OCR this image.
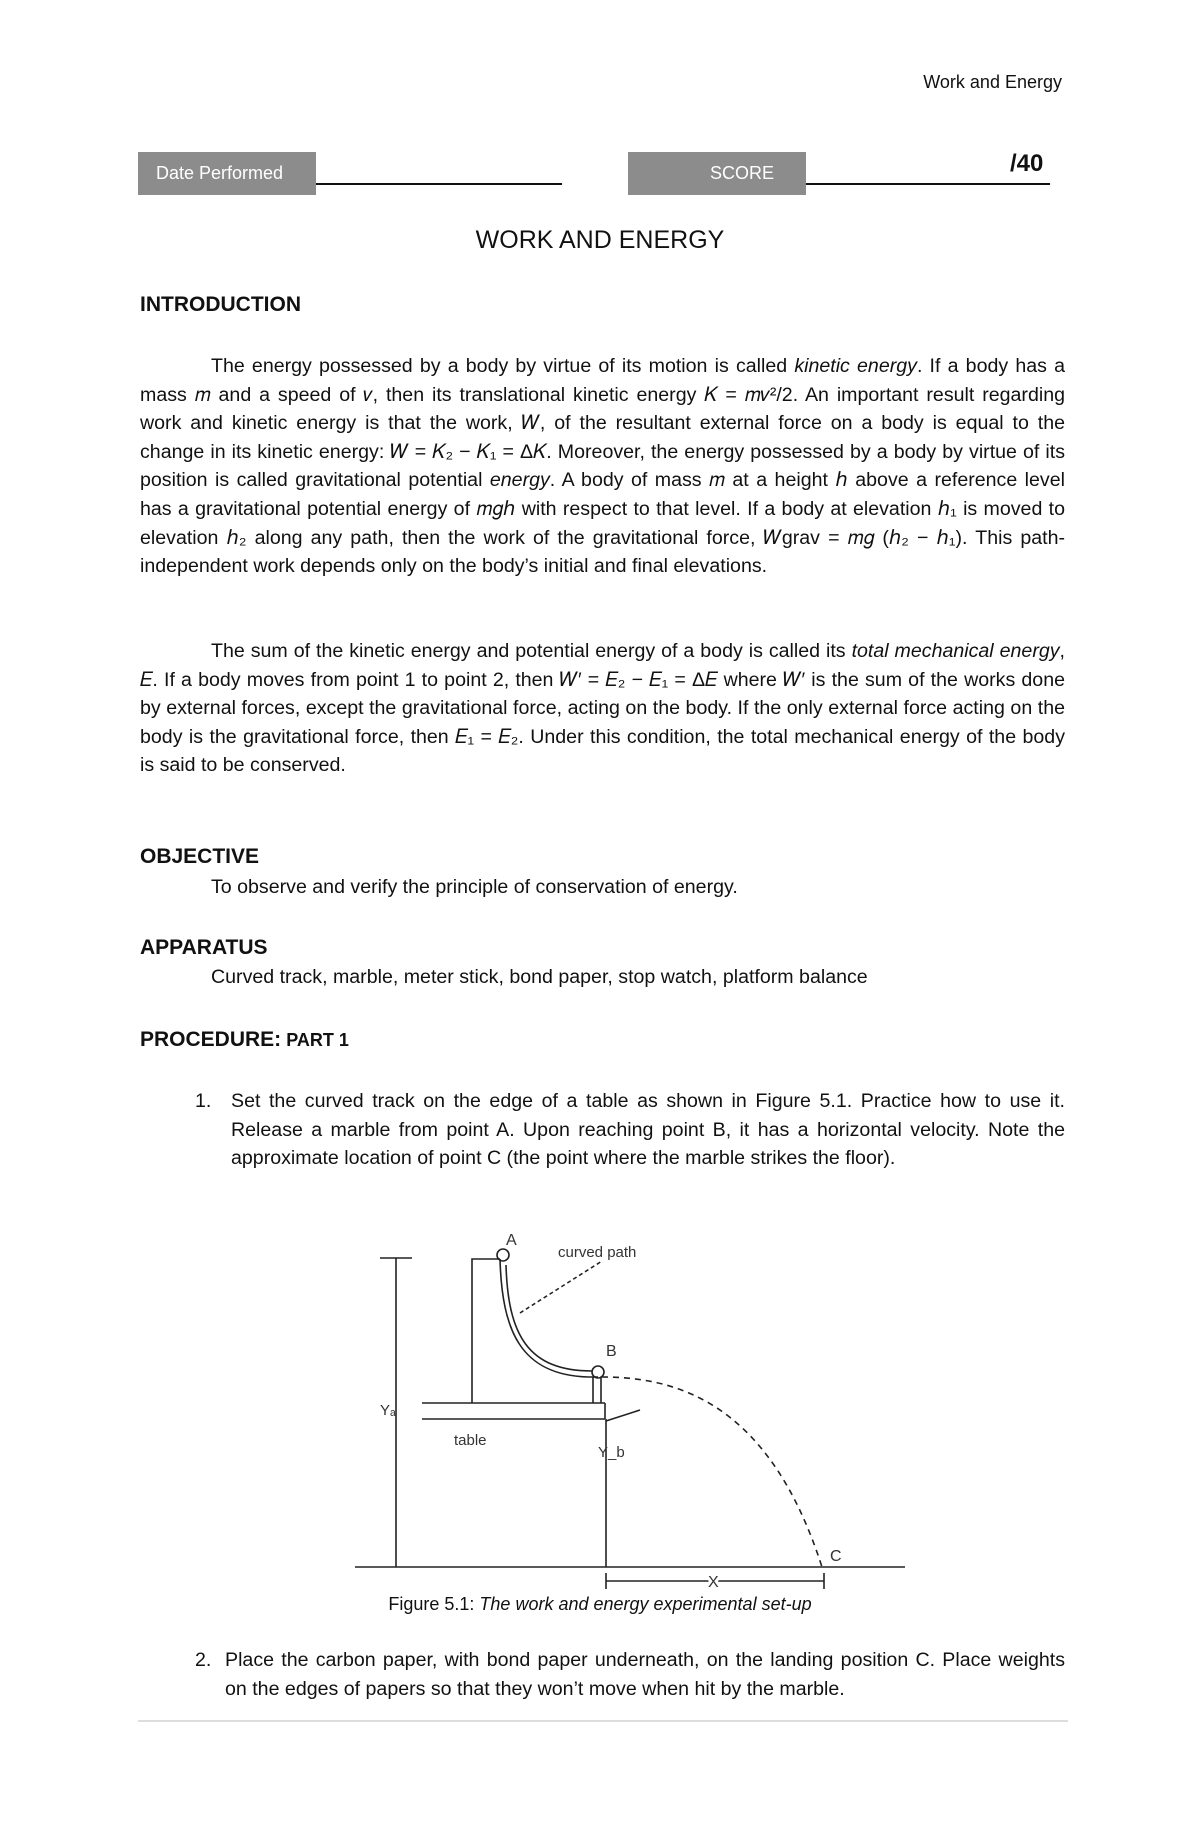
Work and Energy
Date Performed	SCORE	/40
WORK AND ENERGY
INTRODUCTION

The energy possessed by a body by virtue of its motion is called kinetic energy. If a body has a mass 𝑚 and a speed of 𝑣, then its translational kinetic energy 𝐾 = 𝑚𝑣²/2. An important result regarding work and kinetic energy is that the work, 𝑊, of the resultant external force on a body is equal to the change in its kinetic energy: 𝑊 = 𝐾₂ − 𝐾₁ = Δ𝐾. Moreover, the energy possessed by a body by virtue of its position is called gravitational potential energy. A body of mass 𝑚 at a height ℎ above a reference level has a gravitational potential energy of 𝑚𝑔ℎ with respect to that level. If a body at elevation ℎ₁ is moved to elevation ℎ₂ along any path, then the work of the gravitational force, 𝑊grav = 𝑚𝑔 (ℎ₂ − ℎ₁). This path-independent work depends only on the body’s initial and final elevations.

The sum of the kinetic energy and potential energy of a body is called its total mechanical energy, 𝐸. If a body moves from point 1 to point 2, then 𝑊′ = 𝐸₂ − 𝐸₁ = Δ𝐸 where 𝑊′ is the sum of the works done by external forces, except the gravitational force, acting on the body. If the only external force acting on the body is the gravitational force, then 𝐸₁ = 𝐸₂. Under this condition, the total mechanical energy of the body is said to be conserved.

OBJECTIVE
To observe and verify the principle of conservation of energy.
APPARATUS
Curved track, marble, meter stick, bond paper, stop watch, platform balance
PROCEDURE: PART 1
1. Set the curved track on the edge of a table as shown in Figure 5.1. Practice how to use it. Release a marble from point A. Upon reaching point B, it has a horizontal velocity. Note the approximate location of point C (the point where the marble strikes the floor).
A
B
C
curved path
table
Yₐ
Y_b
X
Figure 5.1: The work and energy experimental set-up
2. Place the carbon paper, with bond paper underneath, on the landing position C. Place weights on the edges of papers so that they won’t move when hit by the marble.
